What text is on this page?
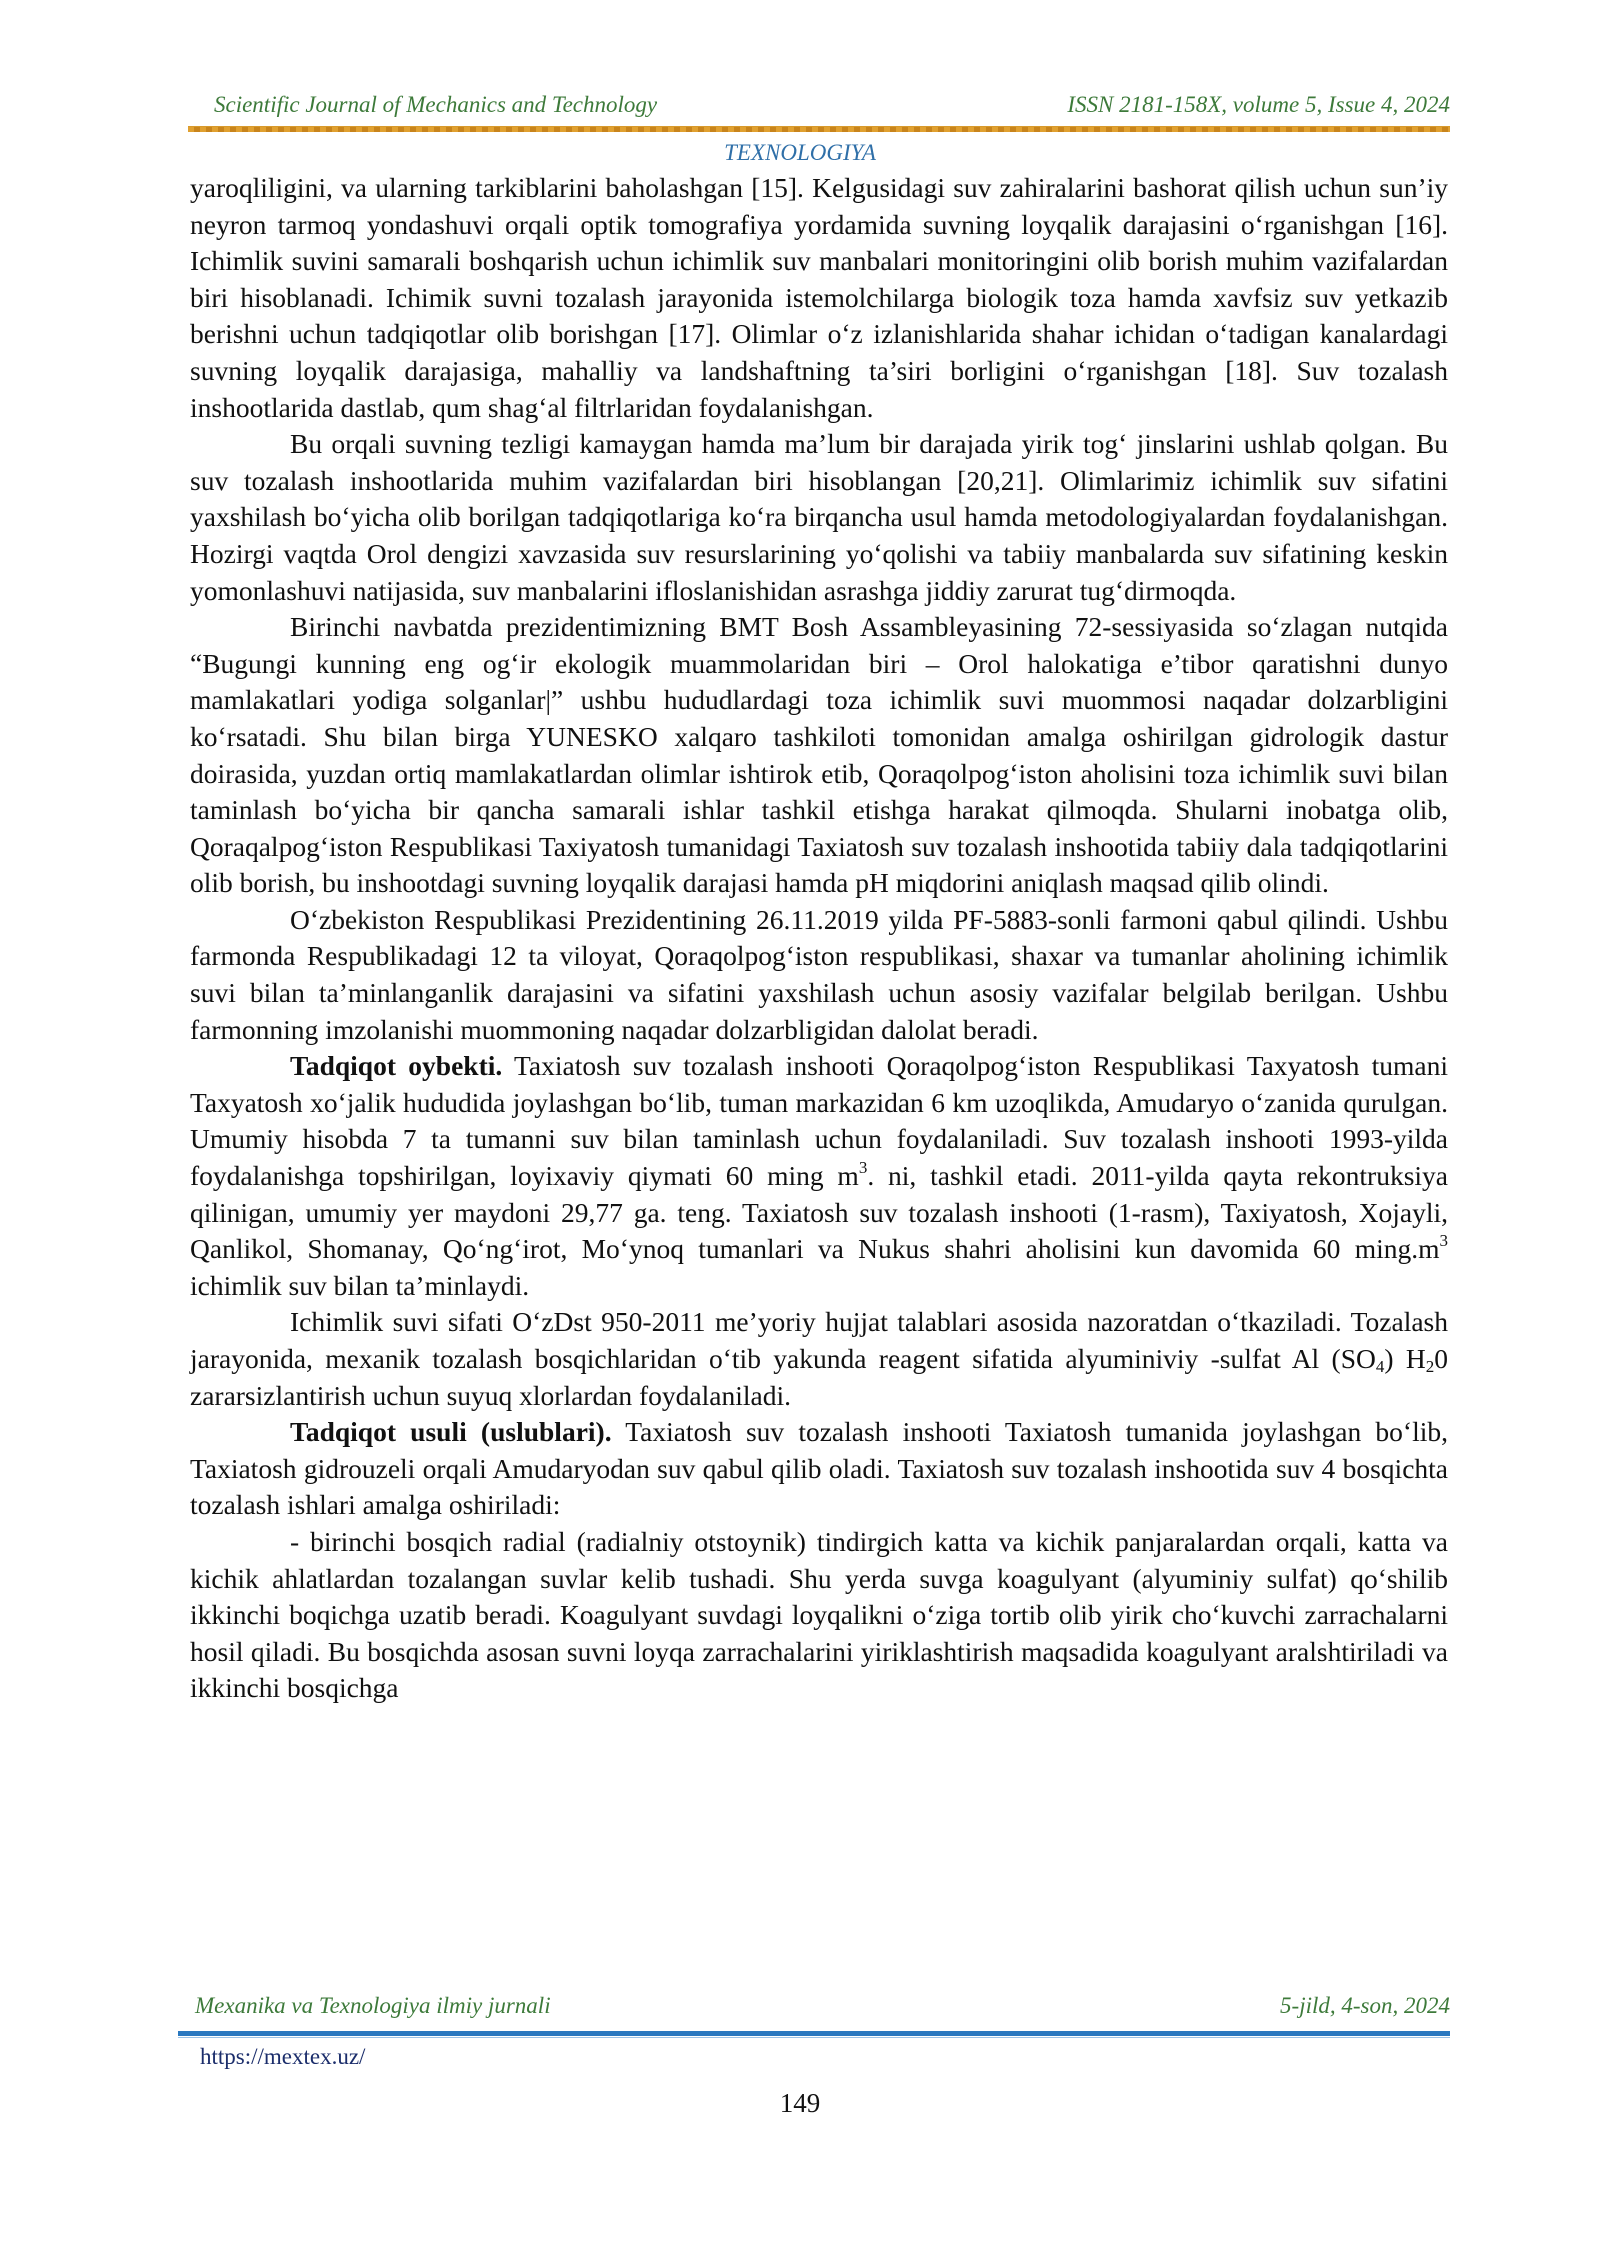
Scientific Journal of Mechanics and Technology	ISSN 2181-158X, volume 5, Issue 4, 2024
TEXNOLOGIYA

yaroqliligini, va ularning tarkiblarini baholashgan [15]. Kelgusidagi suv zahiralarini bashorat qilish uchun sun’iy neyron tarmoq yondashuvi orqali optik tomografiya yordamida suvning loyqalik darajasini o‘rganishgan [16]. Ichimlik suvini samarali boshqarish uchun ichimlik suv manbalari monitoringini olib borish muhim vazifalardan biri hisoblanadi. Ichimik suvni tozalash jarayonida istemolchilarga biologik toza hamda xavfsiz suv yetkazib berishni uchun tadqiqotlar olib borishgan [17]. Olimlar o‘z izlanishlarida shahar ichidan o‘tadigan kanalardagi suvning loyqalik darajasiga, mahalliy va landshaftning ta’siri borligini o‘rganishgan [18]. Suv tozalash inshootlarida dastlab, qum shag‘al filtrlaridan foydalanishgan.

Bu orqali suvning tezligi kamaygan hamda ma’lum bir darajada yirik tog‘ jinslarini ushlab qolgan. Bu suv tozalash inshootlarida muhim vazifalardan biri hisoblangan [20,21]. Olimlarimiz ichimlik suv sifatini yaxshilash bo‘yicha olib borilgan tadqiqotlariga ko‘ra birqancha usul hamda metodologiyalardan foydalanishgan. Hozirgi vaqtda Orol dengizi xavzasida suv resurslarining yo‘qolishi va tabiiy manbalarda suv sifatining keskin yomonlashuvi natijasida, suv manbalarini ifloslanishidan asrashga jiddiy zarurat tug‘dirmoqda.

Birinchi navbatda prezidentimizning BMT Bosh Assambleyasining 72-sessiyasida so‘zlagan nutqida “Bugungi kunning eng og‘ir ekologik muammolaridan biri – Orol halokatiga e’tibor qaratishni dunyo mamlakatlari yodiga solganlar|” ushbu hududlardagi toza ichimlik suvi muommosi naqadar dolzarbligini ko‘rsatadi. Shu bilan birga YUNESKO xalqaro tashkiloti tomonidan amalga oshirilgan gidrologik dastur doirasida, yuzdan ortiq mamlakatlardan olimlar ishtirok etib, Qoraqolpog‘iston aholisini toza ichimlik suvi bilan taminlash bo‘yicha bir qancha samarali ishlar tashkil etishga harakat qilmoqda. Shularni inobatga olib, Qoraqalpog‘iston Respublikasi Taxiyatosh tumanidagi Taxiatosh suv tozalash inshootida tabiiy dala tadqiqotlarini olib borish, bu inshootdagi suvning loyqalik darajasi hamda pH miqdorini aniqlash maqsad qilib olindi.

O‘zbekiston Respublikasi Prezidentining 26.11.2019 yilda PF-5883-sonli farmoni qabul qilindi. Ushbu farmonda Respublikadagi 12 ta viloyat, Qoraqolpog‘iston respublikasi, shaxar va tumanlar aholining ichimlik suvi bilan ta’minlanganlik darajasini va sifatini yaxshilash uchun asosiy vazifalar belgilab berilgan. Ushbu farmonning imzolanishi muommoning naqadar dolzarbligidan dalolat beradi.

Tadqiqot oybekti. Taxiatosh suv tozalash inshooti Qoraqolpog‘iston Respublikasi Taxyatosh tumani Taxyatosh xo‘jalik hududida joylashgan bo‘lib, tuman markazidan 6 km uzoqlikda, Amudaryo o‘zanida qurulgan. Umumiy hisobda 7 ta tumanni suv bilan taminlash uchun foydalaniladi. Suv tozalash inshooti 1993-yilda foydalanishga topshirilgan, loyixaviy qiymati 60 ming $m^3$. ni, tashkil etadi. 2011-yilda qayta rekontruksiya qilinigan, umumiy yer maydoni 29,77 ga. teng. Taxiatosh suv tozalash inshooti (1-rasm), Taxiyatosh, Xojayli, Qanlikol, Shomanay, Qo‘ng‘irot, Mo‘ynoq tumanlari va Nukus shahri aholisini kun davomida 60 $\min g.m^3$ ichimlik suv bilan ta’minlaydi.

Ichimlik suvi sifati O‘zDst 950-2011 me’yoriy hujjat talablari asosida nazoratdan o‘tkaziladi. Tozalash jarayonida, mexanik tozalash bosqichlaridan o‘tib yakunda reagent sifatida alyuminiviy -sulfat Al $(SO_4)$ $H_20$ zararsizlantirish uchun suyuq xlorlardan foydalaniladi.

Tadqiqot usuli (uslublari). Taxiatosh suv tozalash inshooti Taxiatosh tumanida joylashgan bo‘lib, Taxiatosh gidrouzeli orqali Amudaryodan suv qabul qilib oladi. Taxiatosh suv tozalash inshootida suv 4 bosqichta tozalash ishlari amalga oshiriladi:

- birinchi bosqich radial (radialniy otstoynik) tindirgich katta va kichik panjaralardan orqali, katta va kichik ahlatlardan tozalangan suvlar kelib tushadi. Shu yerda suvga koagulyant (alyuminiy sulfat) qo‘shilib ikkinchi boqichga uzatib beradi. Koagulyant suvdagi loyqalikni o‘ziga tortib olib yirik cho‘kuvchi zarrachalarni hosil qiladi. Bu bosqichda asosan suvni loyqa zarrachalarini yiriklashtirish maqsadida koagulyant aralshtiriladi va ikkinchi bosqichga

Mexanika va Texnologiya ilmiy jurnali	5-jild, 4-son, 2024
https://mextex.uz/
149
